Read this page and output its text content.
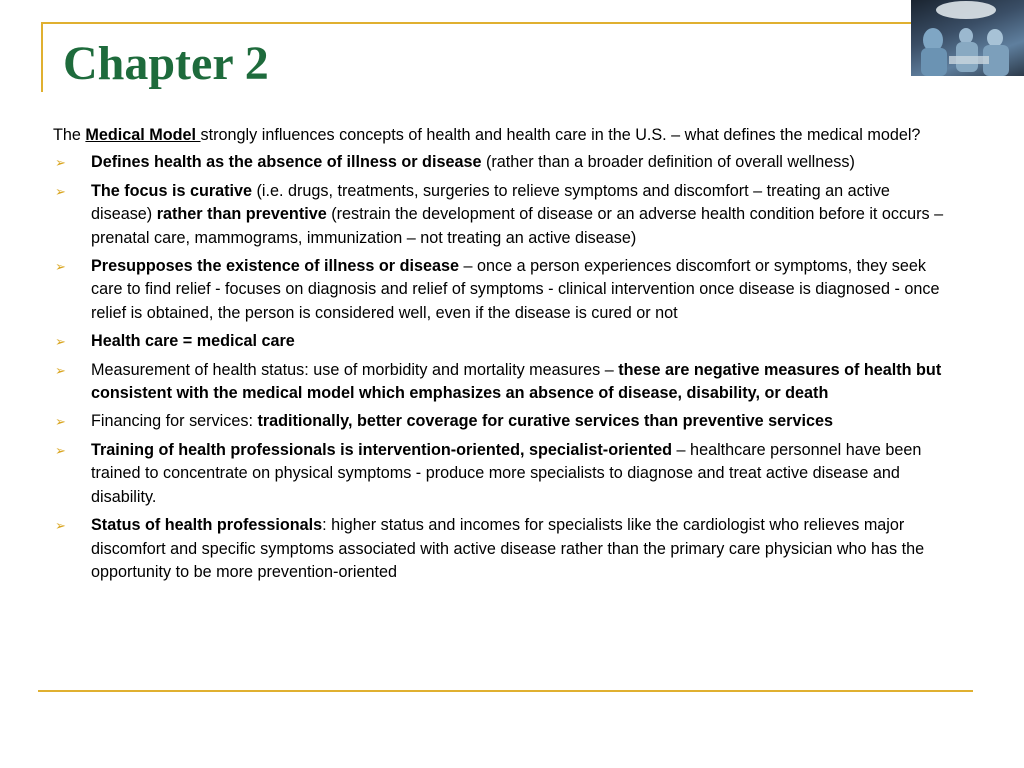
Chapter 2

The Medical Model strongly influences concepts of health and health care in the U.S. – what defines the medical model?

➢ Defines health as the absence of illness or disease (rather than a broader definition of overall wellness)
➢ The focus is curative (i.e. drugs, treatments, surgeries to relieve symptoms and discomfort – treating an active disease) rather than preventive (restrain the development of disease or an adverse health condition before it occurs – prenatal care, mammograms, immunization – not treating an active disease)
➢ Presupposes the existence of illness or disease – once a person experiences discomfort or symptoms, they seek care to find relief - focuses on diagnosis and relief of symptoms - clinical intervention once disease is diagnosed - once relief is obtained, the person is considered well, even if the disease is cured or not
➢ Health care = medical care
➢ Measurement of health status: use of morbidity and mortality measures – these are negative measures of health but consistent with the medical model which emphasizes an absence of disease, disability, or death
➢ Financing for services: traditionally, better coverage for curative services than preventive services
➢ Training of health professionals is intervention-oriented, specialist-oriented – healthcare personnel have been trained to concentrate on physical symptoms - produce more specialists to diagnose and treat active disease and disability.
➢ Status of health professionals: higher status and incomes for specialists like the cardiologist who relieves major discomfort and specific symptoms associated with active disease rather than the primary care physician who has the opportunity to be more prevention-oriented
